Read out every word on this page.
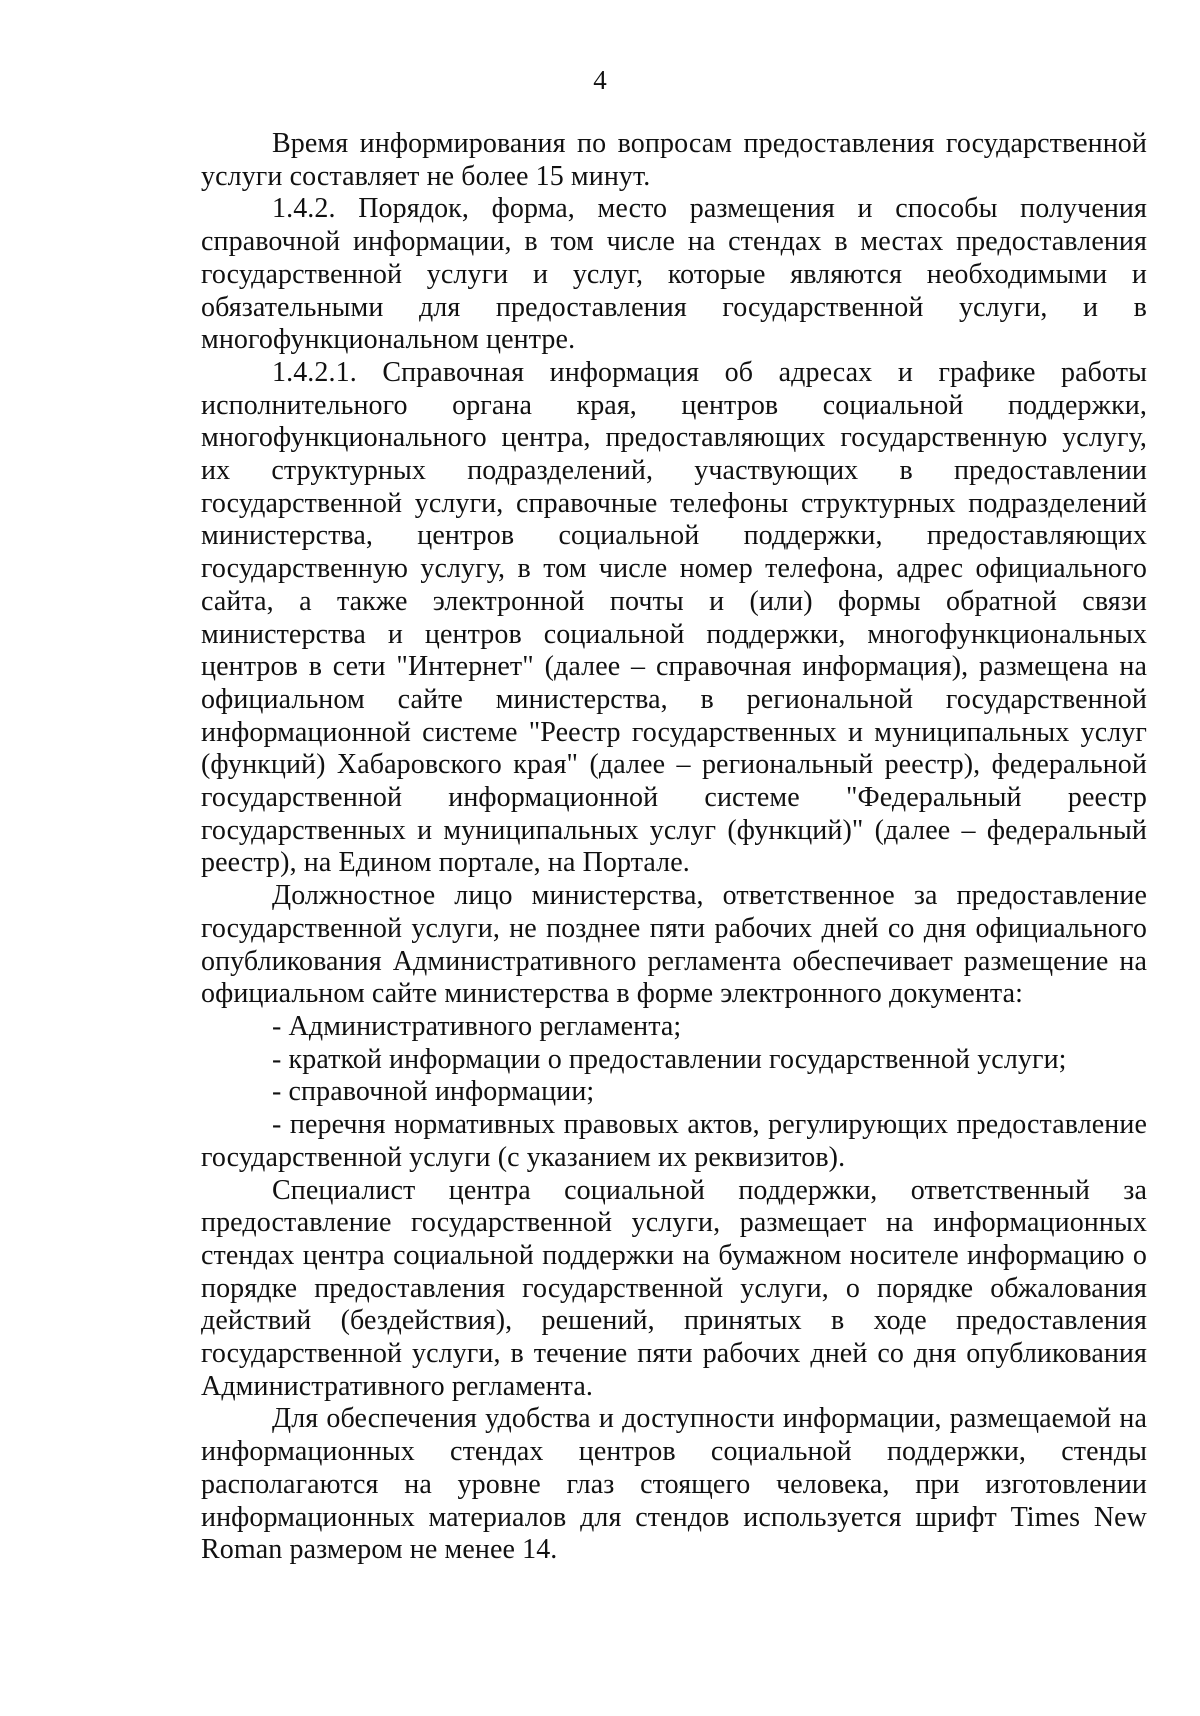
4

Время информирования по вопросам предоставления государственной услуги составляет не более 15 минут.

1.4.2. Порядок, форма, место размещения и способы получения справочной информации, в том числе на стендах в местах предоставления государственной услуги и услуг, которые являются необходимыми и обязательными для предоставления государственной услуги, и в многофункциональном центре.

1.4.2.1. Справочная информация об адресах и графике работы исполнительного органа края, центров социальной поддержки, многофункционального центра, предоставляющих государственную услугу, их структурных подразделений, участвующих в предоставлении государственной услуги, справочные телефоны структурных подразделений министерства, центров социальной поддержки, предоставляющих государственную услугу, в том числе номер телефона, адрес официального сайта, а также электронной почты и (или) формы обратной связи министерства и центров социальной поддержки, многофункциональных центров в сети "Интернет" (далее – справочная информация), размещена на официальном сайте министерства, в региональной государственной информационной системе "Реестр государственных и муниципальных услуг (функций) Хабаровского края" (далее – региональный реестр), федеральной государственной информационной системе "Федеральный реестр государственных и муниципальных услуг (функций)" (далее – федеральный реестр), на Едином портале, на Портале.

Должностное лицо министерства, ответственное за предоставление государственной услуги, не позднее пяти рабочих дней со дня официального опубликования Административного регламента обеспечивает размещение на официальном сайте министерства в форме электронного документа:

- Административного регламента;

- краткой информации о предоставлении государственной услуги;

- справочной информации;

- перечня нормативных правовых актов, регулирующих предоставление государственной услуги (с указанием их реквизитов).

Специалист центра социальной поддержки, ответственный за предоставление государственной услуги, размещает на информационных стендах центра социальной поддержки на бумажном носителе информацию о порядке предоставления государственной услуги, о порядке обжалования действий (бездействия), решений, принятых в ходе предоставления государственной услуги, в течение пяти рабочих дней со дня опубликования Административного регламента.

Для обеспечения удобства и доступности информации, размещаемой на информационных стендах центров социальной поддержки, стенды располагаются на уровне глаз стоящего человека, при изготовлении информационных материалов для стендов используется шрифт Times New Roman размером не менее 14.
